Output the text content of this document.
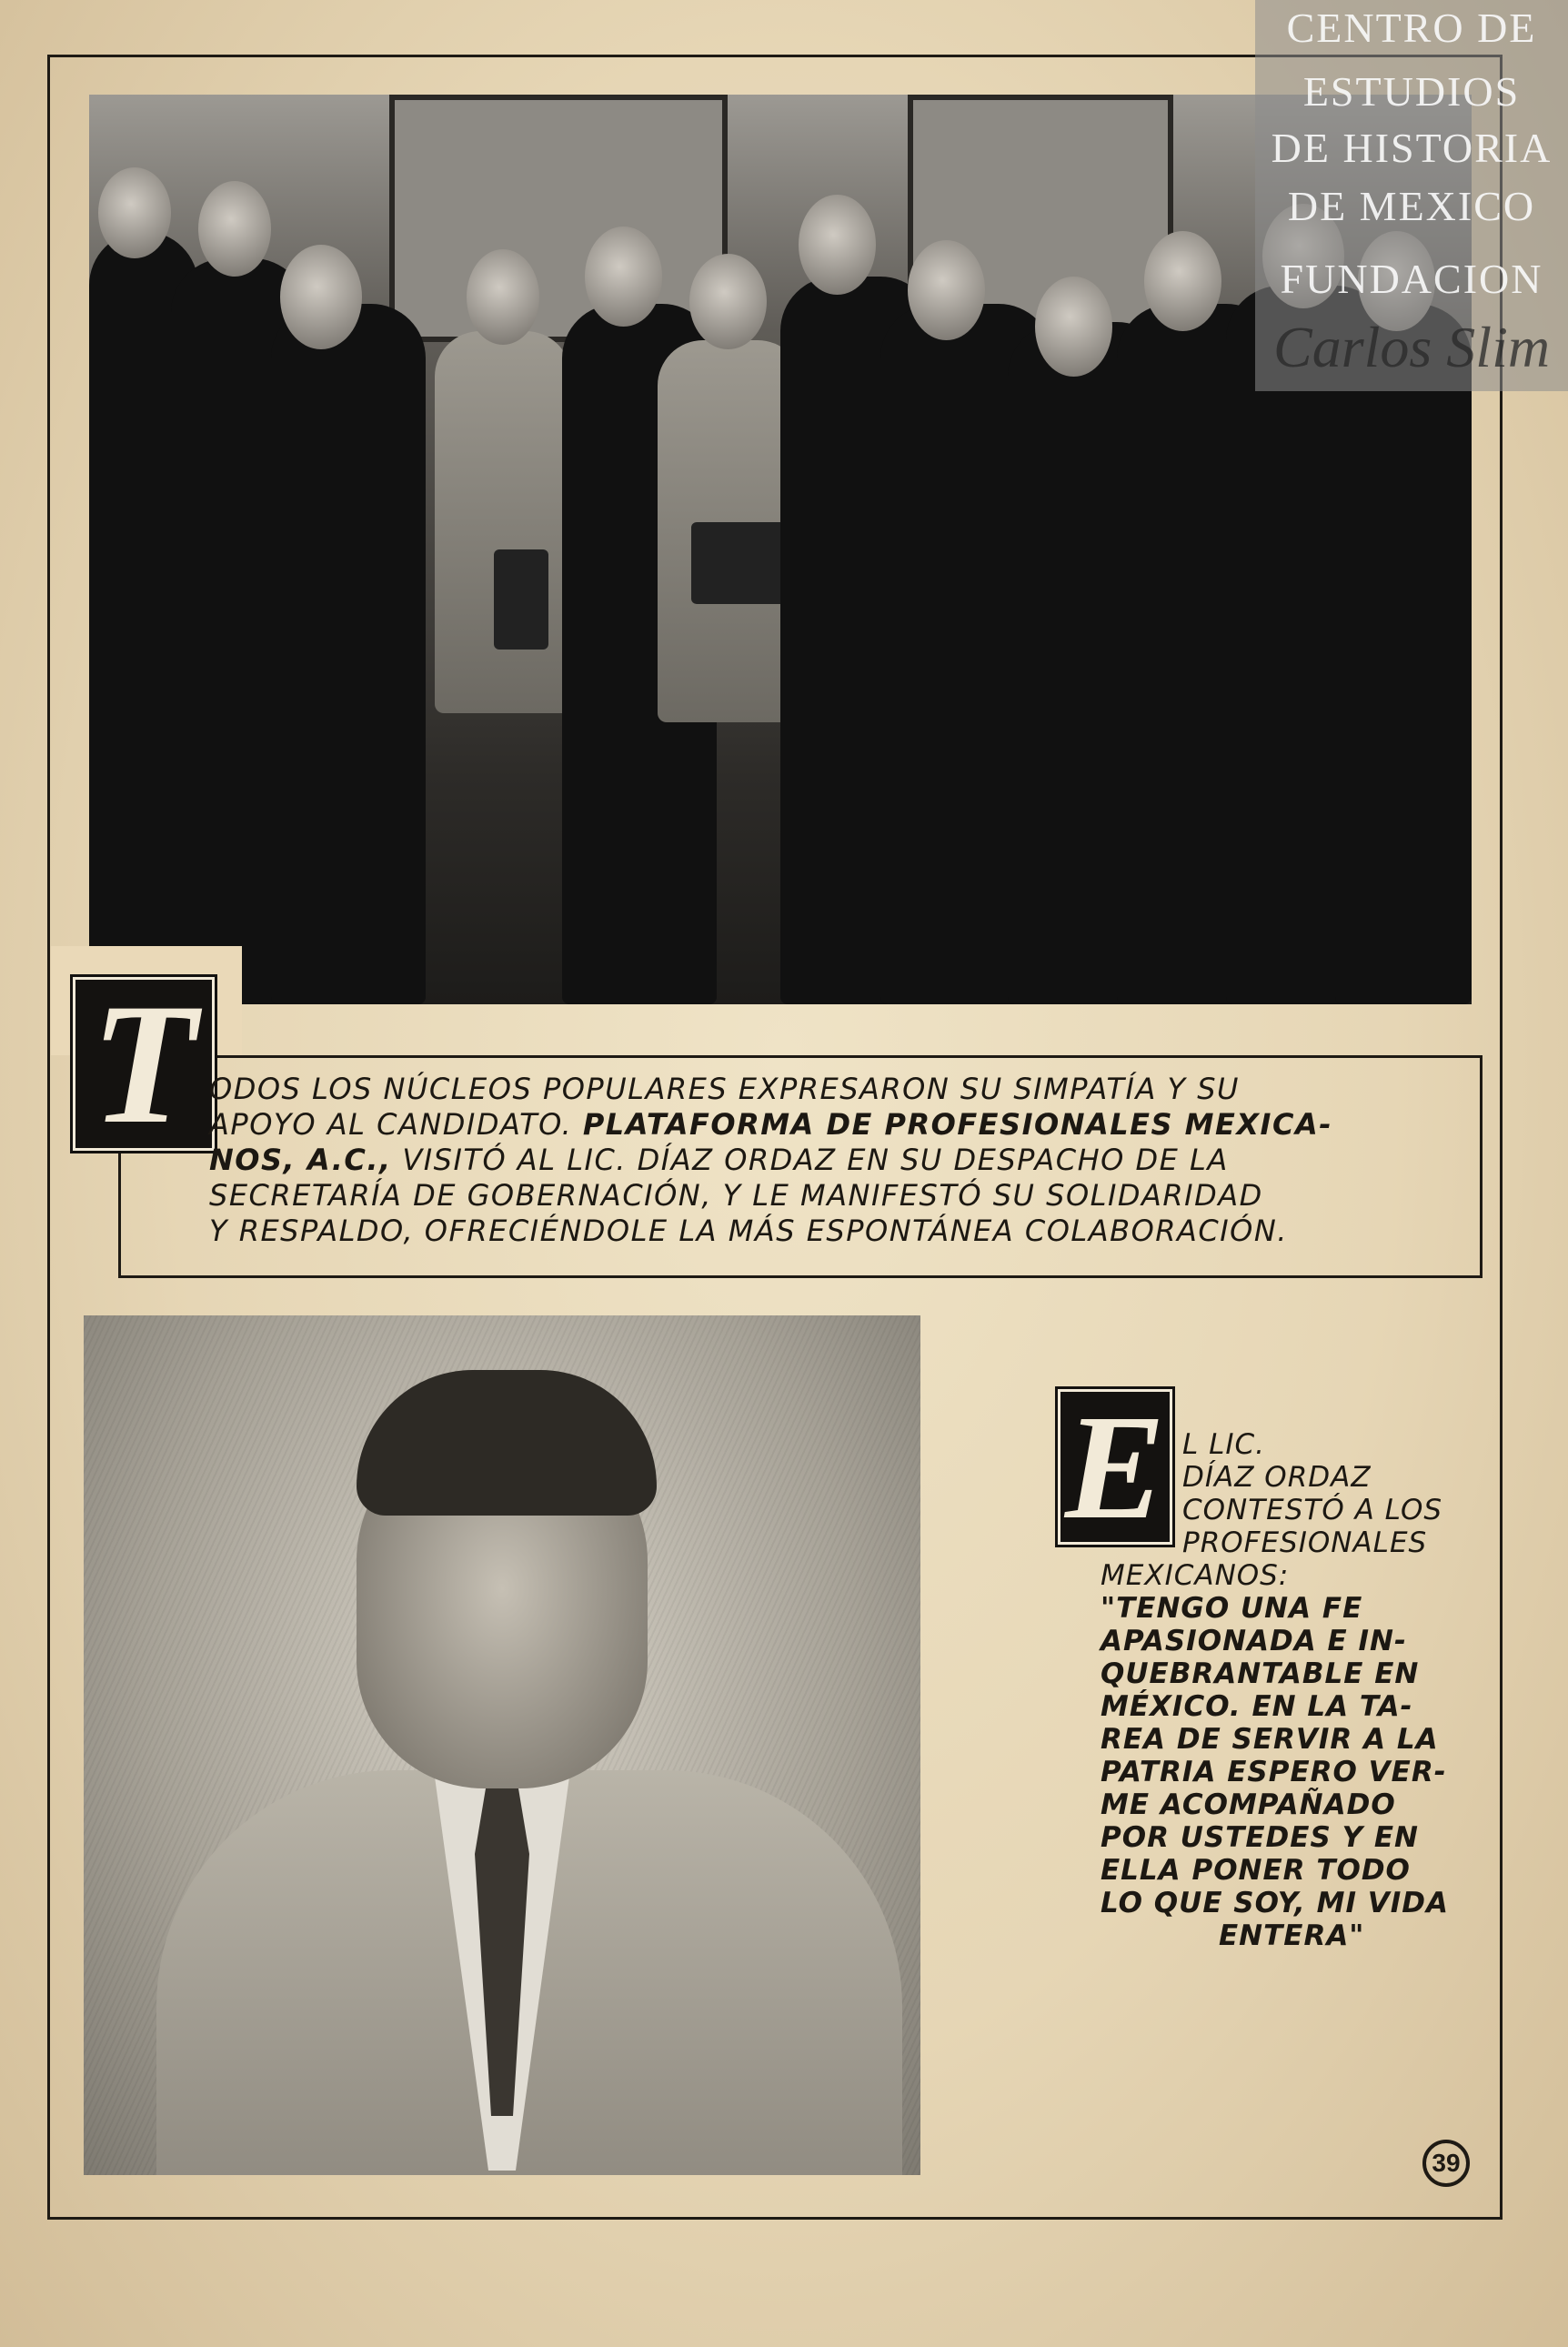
CENTRO DE
ESTUDIOS
DE HISTORIA
DE MEXICO
FUNDACION
Carlos Slim
T ODOS LOS NÚCLEOS POPULARES EXPRESARON SU SIMPATÍA Y SU
APOYO AL CANDIDATO. PLATAFORMA DE PROFESIONALES MEXICA-
NOS, A.C., VISITÓ AL LIC. DÍAZ ORDAZ EN SU DESPACHO DE LA
SECRETARÍA DE GOBERNACIÓN, Y LE MANIFESTÓ SU SOLIDARIDAD
Y RESPALDO, OFRECIÉNDOLE LA MÁS ESPONTÁNEA COLABORACIÓN.
E L LIC.
DÍAZ ORDAZ
CONTESTÓ A LOS
PROFESIONALES
MEXICANOS:
"TENGO UNA FE
APASIONADA E IN-
QUEBRANTABLE EN
MÉXICO. EN LA TA-
REA DE SERVIR A LA
PATRIA ESPERO VER-
ME ACOMPAÑADO
POR USTEDES Y EN
ELLA PONER TODO
LO QUE SOY, MI VIDA
ENTERA"
39
